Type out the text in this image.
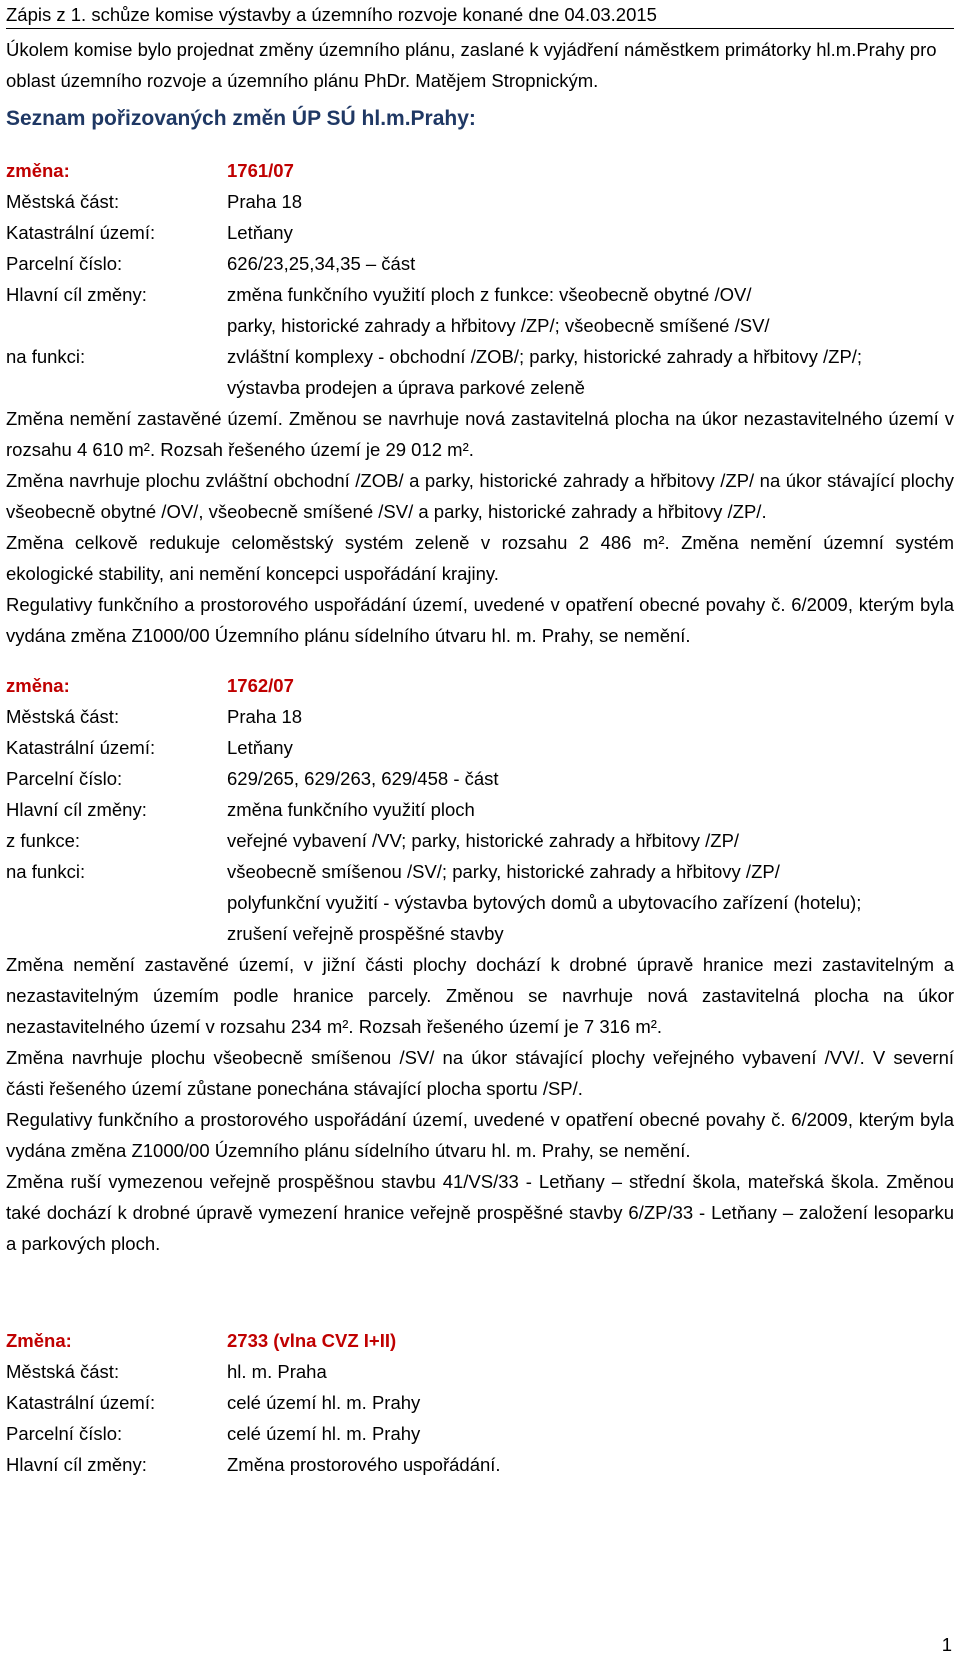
Zápis z 1. schůze komise výstavby a územního rozvoje konané dne 04.03.2015
Úkolem komise bylo projednat změny územního plánu, zaslané k vyjádření náměstkem primátorky hl.m.Prahy pro oblast územního rozvoje a územního plánu PhDr. Matějem Stropnickým.
Seznam pořizovaných změn ÚP SÚ hl.m.Prahy:
změna:	1761/07
Městská část:	Praha 18
Katastrální území:	Letňany
Parcelní číslo:	626/23,25,34,35 – část
Hlavní cíl změny:	změna funkčního využití ploch z funkce: všeobecně obytné /OV/
parky, historické zahrady a hřbitovy /ZP/; všeobecně smíšené /SV/
na funkci:	zvláštní komplexy - obchodní /ZOB/; parky, historické zahrady a hřbitovy /ZP/;
výstavba prodejen a úprava parkové zeleně
Změna nemění zastavěné území. Změnou se navrhuje nová zastavitelná plocha na úkor nezastavitelného území v rozsahu 4 610 m². Rozsah řešeného území je 29 012 m².
Změna navrhuje plochu zvláštní obchodní /ZOB/ a parky, historické zahrady a hřbitovy /ZP/ na úkor stávající plochy všeobecně obytné /OV/, všeobecně smíšené /SV/ a parky, historické zahrady a hřbitovy /ZP/.
Změna celkově redukuje celoměstský systém zeleně v rozsahu 2 486 m². Změna nemění územní systém ekologické stability, ani nemění koncepci uspořádání krajiny.
Regulativy funkčního a prostorového uspořádání území, uvedené v opatření obecné povahy č. 6/2009, kterým byla vydána změna Z1000/00 Územního plánu sídelního útvaru hl. m. Prahy, se nemění.
změna:	1762/07
Městská část:	Praha 18
Katastrální území:	Letňany
Parcelní číslo:	629/265, 629/263, 629/458 - část
Hlavní cíl změny:	změna funkčního využití ploch
z funkce:	veřejné vybavení /VV; parky, historické zahrady a hřbitovy /ZP/
na funkci:	všeobecně smíšenou /SV/; parky, historické zahrady a hřbitovy /ZP/
polyfunkční využití - výstavba bytových domů a ubytovacího zařízení (hotelu);
zrušení veřejně prospěšné stavby
Změna nemění zastavěné území, v jižní části plochy dochází k drobné úpravě hranice mezi zastavitelným a nezastavitelným územím podle hranice parcely. Změnou se navrhuje nová zastavitelná plocha na úkor nezastavitelného území v rozsahu 234 m². Rozsah řešeného území je 7 316 m².
Změna navrhuje plochu všeobecně smíšenou /SV/ na úkor stávající plochy veřejného vybavení /VV/. V severní části řešeného území zůstane ponechána stávající plocha sportu /SP/.
Regulativy funkčního a prostorového uspořádání území, uvedené v opatření obecné povahy č. 6/2009, kterým byla vydána změna Z1000/00 Územního plánu sídelního útvaru hl. m. Prahy, se nemění.
Změna ruší vymezenou veřejně prospěšnou stavbu 41/VS/33 - Letňany – střední škola, mateřská škola. Změnou také dochází k drobné úpravě vymezení hranice veřejně prospěšné stavby 6/ZP/33 - Letňany – založení lesoparku a parkových ploch.
Změna:	2733 (vlna CVZ I+II)
Městská část:	hl. m. Praha
Katastrální území:	celé území hl. m. Prahy
Parcelní číslo:	celé území hl. m. Prahy
Hlavní cíl změny:	Změna prostorového uspořádání.
1
